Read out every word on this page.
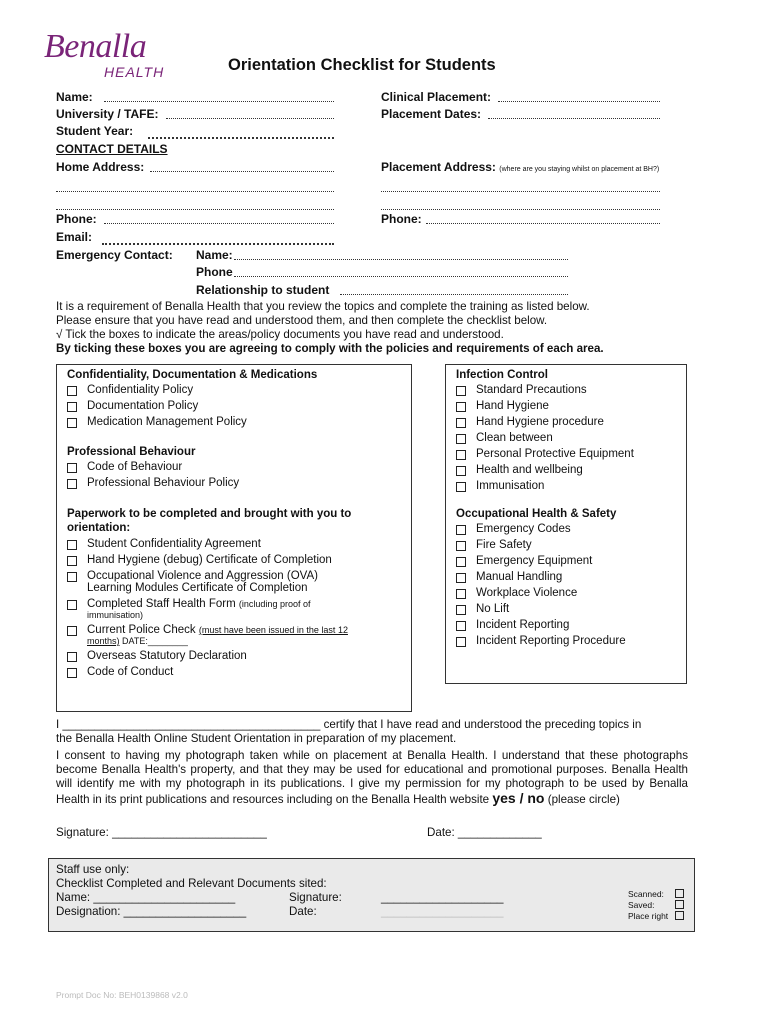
Benalla
HEALTH	Orientation Checklist for Students
Name:
University / TAFE:
Student Year:
CONTACT DETAILS
Home Address:
Phone:
Email:
Emergency Contact: Name:
Phone
Relationship to student
Clinical Placement:
Placement Dates:
Placement Address: (where are you staying whilst on placement at BH?)
Phone:
It is a requirement of Benalla Health that you review the topics and complete the training as listed below.
Please ensure that you have read and understood them, and then complete the checklist below.
√ Tick the boxes to indicate the areas/policy documents you have read and understood.
By ticking these boxes you are agreeing to comply with the policies and requirements of each area.
Confidentiality, Documentation & Medications
Confidentiality Policy
Documentation Policy
Medication Management Policy
Professional Behaviour
Code of Behaviour
Professional Behaviour Policy
Paperwork to be completed and brought with you to orientation:
Student Confidentiality Agreement
Hand Hygiene (debug) Certificate of Completion
Occupational Violence and Aggression (OVA)
Learning Modules Certificate of Completion
Completed Staff Health Form (including proof of
immunisation)
Current Police Check (must have been issued in the last 12
months) DATE:________
Overseas Statutory Declaration
Code of Conduct
Infection Control
Standard Precautions
Hand Hygiene
Hand Hygiene procedure
Clean between
Personal Protective Equipment
Health and wellbeing
Immunisation
Occupational Health & Safety
Emergency Codes
Fire Safety
Emergency Equipment
Manual Handling
Workplace Violence
No Lift
Incident Reporting
Incident Reporting Procedure
I ________________________________________ certify that I have read and understood the preceding topics in
the Benalla Health Online Student Orientation in preparation of my placement.
I consent to having my photograph taken while on placement at Benalla Health. I understand that these photographs become Benalla Health's property, and that they may be used for educational and promotional purposes. Benalla Health will identify me with my photograph in its publications. I give my permission for my photograph to be used by Benalla Health in its print publications and resources including on the Benalla Health website yes / no (please circle)
Signature: ________________________	Date: _____________
Staff use only:
Checklist Completed and Relevant Documents sited:
Name: ______________________
Designation: ___________________
Signature:	___________________
Date:	___________________
Scanned:
Saved:
Place right
Prompt Doc No: BEH0139868 v2.0
